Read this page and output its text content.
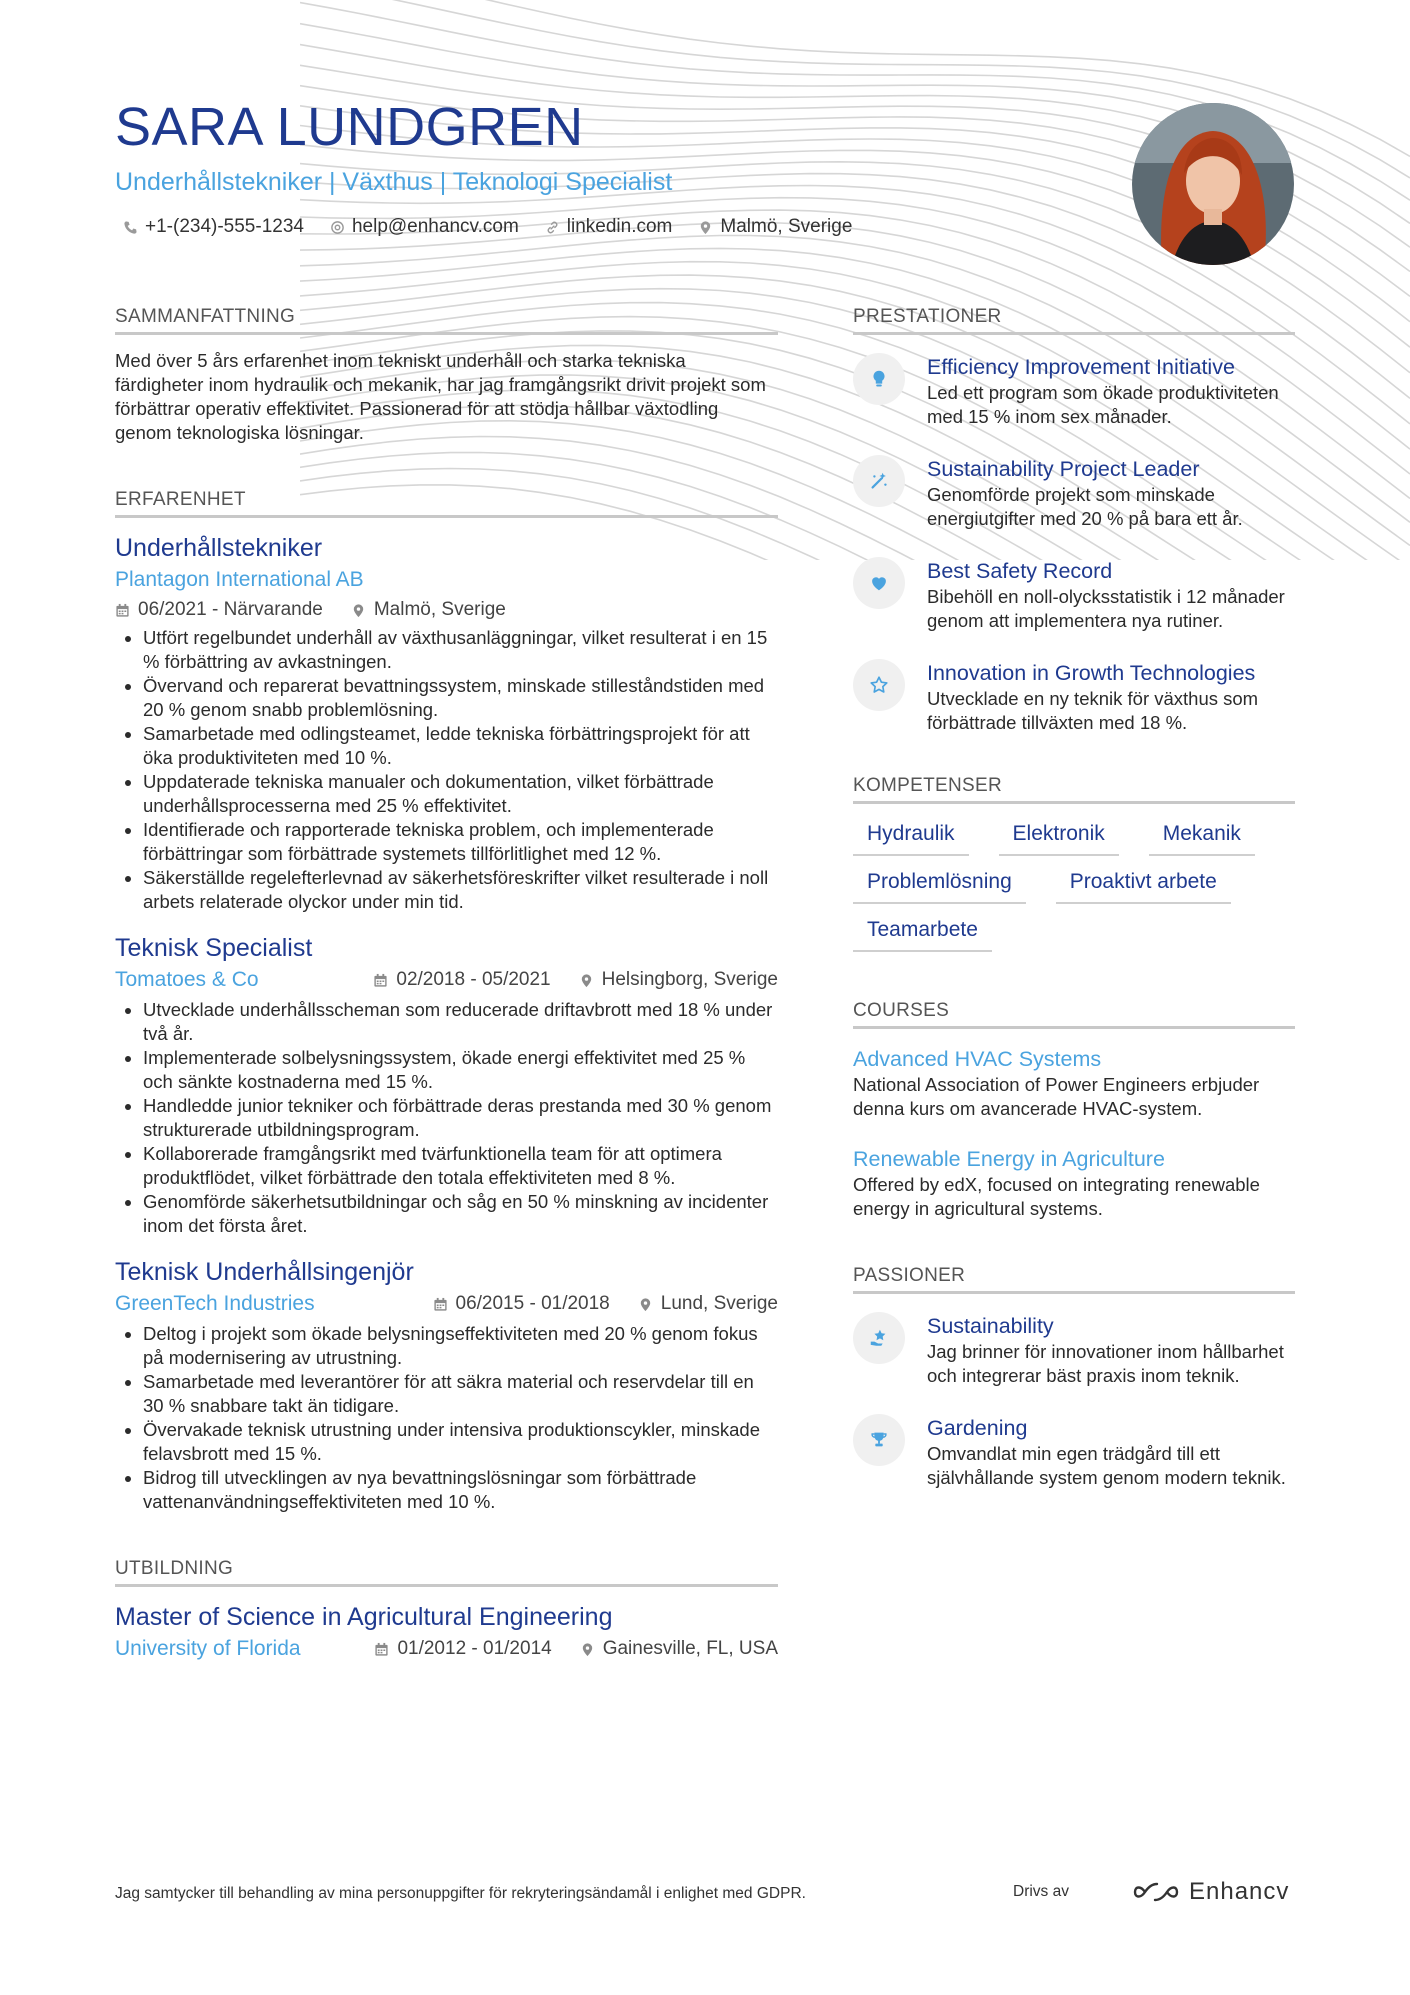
SARA LUNDGREN
Underhållstekniker | Växthus | Teknologi Specialist
+1-(234)-555-1234	help@enhancv.com	linkedin.com	Malmö, Sverige
SAMMANFATTNING

Med över 5 års erfarenhet inom tekniskt underhåll och starka tekniska färdigheter inom hydraulik och mekanik, har jag framgångsrikt drivit projekt som förbättrar operativ effektivitet. Passionerad för att stödja hållbar växtodling genom teknologiska lösningar.

ERFARENHET
Underhållstekniker
Plantagon International AB
06/2021 - Närvarande	Malmö, Sverige
• Utfört regelbundet underhåll av växthusanläggningar, vilket resulterat i en 15 % förbättring av avkastningen.
• Övervand och reparerat bevattningssystem, minskade stilleståndstiden med 20 % genom snabb problemlösning.
• Samarbetade med odlingsteamet, ledde tekniska förbättringsprojekt för att öka produktiviteten med 10 %.
• Uppdaterade tekniska manualer och dokumentation, vilket förbättrade underhållsprocesserna med 25 % effektivitet.
• Identifierade och rapporterade tekniska problem, och implementerade förbättringar som förbättrade systemets tillförlitlighet med 12 %.
• Säkerställde regelefterlevnad av säkerhetsföreskrifter vilket resulterade i noll arbets relaterade olyckor under min tid.
Teknisk Specialist
Tomatoes & Co	02/2018 - 05/2021	Helsingborg, Sverige
• Utvecklade underhållsscheman som reducerade driftavbrott med 18 % under två år.
• Implementerade solbelysningssystem, ökade energi effektivitet med 25 % och sänkte kostnaderna med 15 %.
• Handledde junior tekniker och förbättrade deras prestanda med 30 % genom strukturerade utbildningsprogram.
• Kollaborerade framgångsrikt med tvärfunktionella team för att optimera produktflödet, vilket förbättrade den totala effektiviteten med 8 %.
• Genomförde säkerhetsutbildningar och såg en 50 % minskning av incidenter inom det första året.
Teknisk Underhållsingenjör
GreenTech Industries	06/2015 - 01/2018	Lund, Sverige
• Deltog i projekt som ökade belysningseffektiviteten med 20 % genom fokus på modernisering av utrustning.
• Samarbetade med leverantörer för att säkra material och reservdelar till en 30 % snabbare takt än tidigare.
• Övervakade teknisk utrustning under intensiva produktionscykler, minskade felavsbrott med 15 %.
• Bidrog till utvecklingen av nya bevattningslösningar som förbättrade vattenanvändningseffektiviteten med 10 %.
UTBILDNING
Master of Science in Agricultural Engineering
University of Florida	01/2012 - 01/2014	Gainesville, FL, USA
PRESTATIONER
Efficiency Improvement Initiative
Led ett program som ökade produktiviteten med 15 % inom sex månader.
Sustainability Project Leader
Genomförde projekt som minskade energiutgifter med 20 % på bara ett år.
Best Safety Record
Bibehöll en noll-olycksstatistik i 12 månader genom att implementera nya rutiner.
Innovation in Growth Technologies
Utvecklade en ny teknik för växthus som förbättrade tillväxten med 18 %.
KOMPETENSER
Hydraulik	Elektronik	Mekanik
Problemlösning	Proaktivt arbete
Teamarbete
COURSES
Advanced HVAC Systems
National Association of Power Engineers erbjuder denna kurs om avancerade HVAC-system.
Renewable Energy in Agriculture
Offered by edX, focused on integrating renewable energy in agricultural systems.
PASSIONER
Sustainability
Jag brinner för innovationer inom hållbarhet och integrerar bäst praxis inom teknik.
Gardening
Omvandlat min egen trädgård till ett självhållande system genom modern teknik.
Jag samtycker till behandling av mina personuppgifter för rekryteringsändamål i enlighet med GDPR.	Drivs av	Enhancv
